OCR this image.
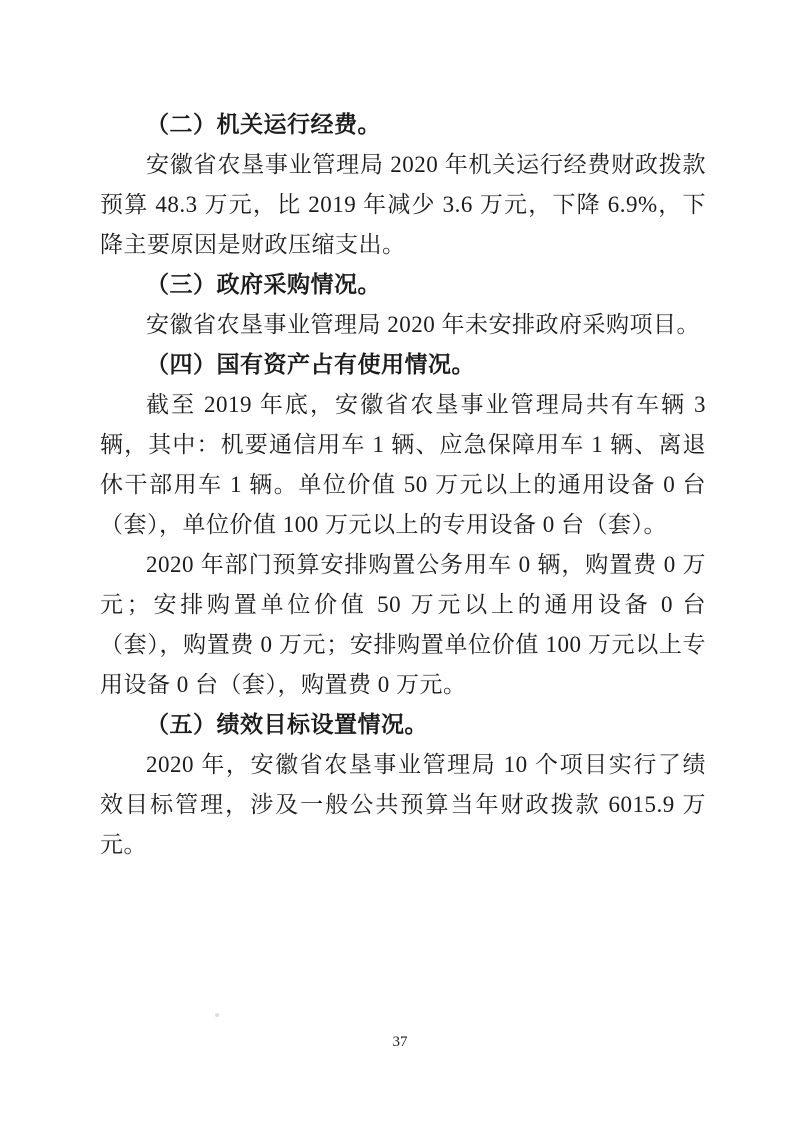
（二）机关运行经费。

安徽省农垦事业管理局 2020 年机关运行经费财政拨款预算 48.3 万元，比 2019 年减少 3.6 万元，下降 6.9%，下降主要原因是财政压缩支出。

（三）政府采购情况。

安徽省农垦事业管理局 2020 年未安排政府采购项目。

（四）国有资产占有使用情况。

截至 2019 年底，安徽省农垦事业管理局共有车辆 3 辆，其中：机要通信用车 1 辆、应急保障用车 1 辆、离退休干部用车 1 辆。单位价值 50 万元以上的通用设备 0 台（套），单位价值 100 万元以上的专用设备 0 台（套）。

2020 年部门预算安排购置公务用车 0 辆，购置费 0 万元；安排购置单位价值 50 万元以上的通用设备 0 台（套），购置费 0 万元；安排购置单位价值 100 万元以上专用设备 0 台（套），购置费 0 万元。

（五）绩效目标设置情况。

2020 年，安徽省农垦事业管理局 10 个项目实行了绩效目标管理，涉及一般公共预算当年财政拨款 6015.9 万元。

37
